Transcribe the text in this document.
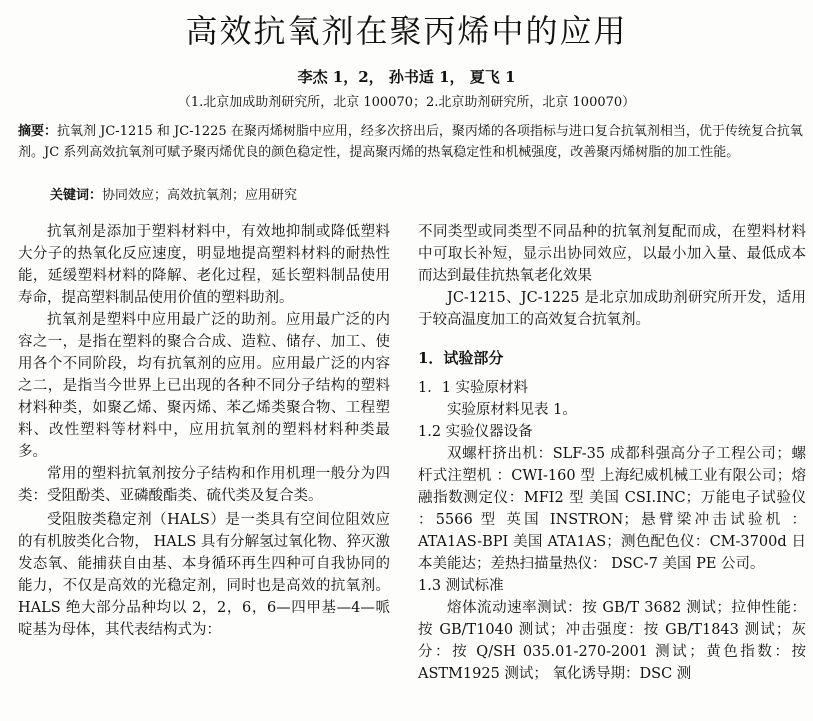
高效抗氧剂在聚丙烯中的应用
李杰 1，2， 孙书适 1， 夏飞 1
（1.北京加成助剂研究所，北京 100070；2.北京助剂研究所，北京 100070）
摘要：抗氧剂 JC-1215 和 JC-1225 在聚丙烯树脂中应用，经多次挤出后，聚丙烯的各项指标与进口复合抗氧剂相当，优于传统复合抗氧剂。JC 系列高效抗氧剂可赋予聚丙烯优良的颜色稳定性，提高聚丙烯的热氧稳定性和机械强度，改善聚丙烯树脂的加工性能。
关键词：协同效应；高效抗氧剂；应用研究

抗氧剂是添加于塑料材料中，有效地抑制或降低塑料大分子的热氧化反应速度，明显地提高塑料材料的耐热性能，延缓塑料材料的降解、老化过程，延长塑料制品使用寿命，提高塑料制品使用价值的塑料助剂。

抗氧剂是塑料中应用最广泛的助剂。应用最广泛的内容之一，是指在塑料的聚合合成、造粒、储存、加工、使用各个不同阶段，均有抗氧剂的应用。应用最广泛的内容之二，是指当今世界上已出现的各种不同分子结构的塑料材料种类，如聚乙烯、聚丙烯、苯乙烯类聚合物、工程塑料、改性塑料等材料中，应用抗氧剂的塑料材料种类最多。

常用的塑料抗氧剂按分子结构和作用机理一般分为四类：受阻酚类、亚磷酸酯类、硫代类及复合类。

受阻胺类稳定剂（HALS）是一类具有空间位阻效应的有机胺类化合物， HALS 具有分解氢过氧化物、猝灭激发态氧、能捕获自由基、本身循环再生四种可自我协同的能力，不仅是高效的光稳定剂，同时也是高效的抗氧剂。HALS 绝大部分品种均以 2，2，6，6—四甲基—4—哌啶基为母体，其代表结构式为：

不同类型或同类型不同品种的抗氧剂复配而成，在塑料材料中可取长补短，显示出协同效应，以最小加入量、最低成本而达到最佳抗热氧老化效果

JC-1215、JC-1225 是北京加成助剂研究所开发，适用于较高温度加工的高效复合抗氧剂。

1．试验部分

1．1 实验原材料

实验原材料见表 1。

1.2 实验仪器设备

双螺杆挤出机：SLF-35 成都科强高分子工程公司；螺杆式注塑机 ：CWI-160 型 上海纪威机械工业有限公司；熔融指数测定仪：MFI2 型 美国 CSI.INC；万能电子试验仪 ：5566 型 英国 INSTRON；悬臂梁冲击试验机 ：ATA1AS-BPI 美国 ATA1AS；测色配色仪：CM-3700d 日本美能达；差热扫描量热仪： DSC-7 美国 PE 公司。

1.3 测试标准

熔体流动速率测试：按 GB/T 3682 测试；拉伸性能：按 GB/T1040 测试；冲击强度：按 GB/T1843 测试；灰分：按 Q/SH 035.01-270-2001 测试；黄色指数：按 ASTM1925 测试； 氧化诱导期：DSC 测
